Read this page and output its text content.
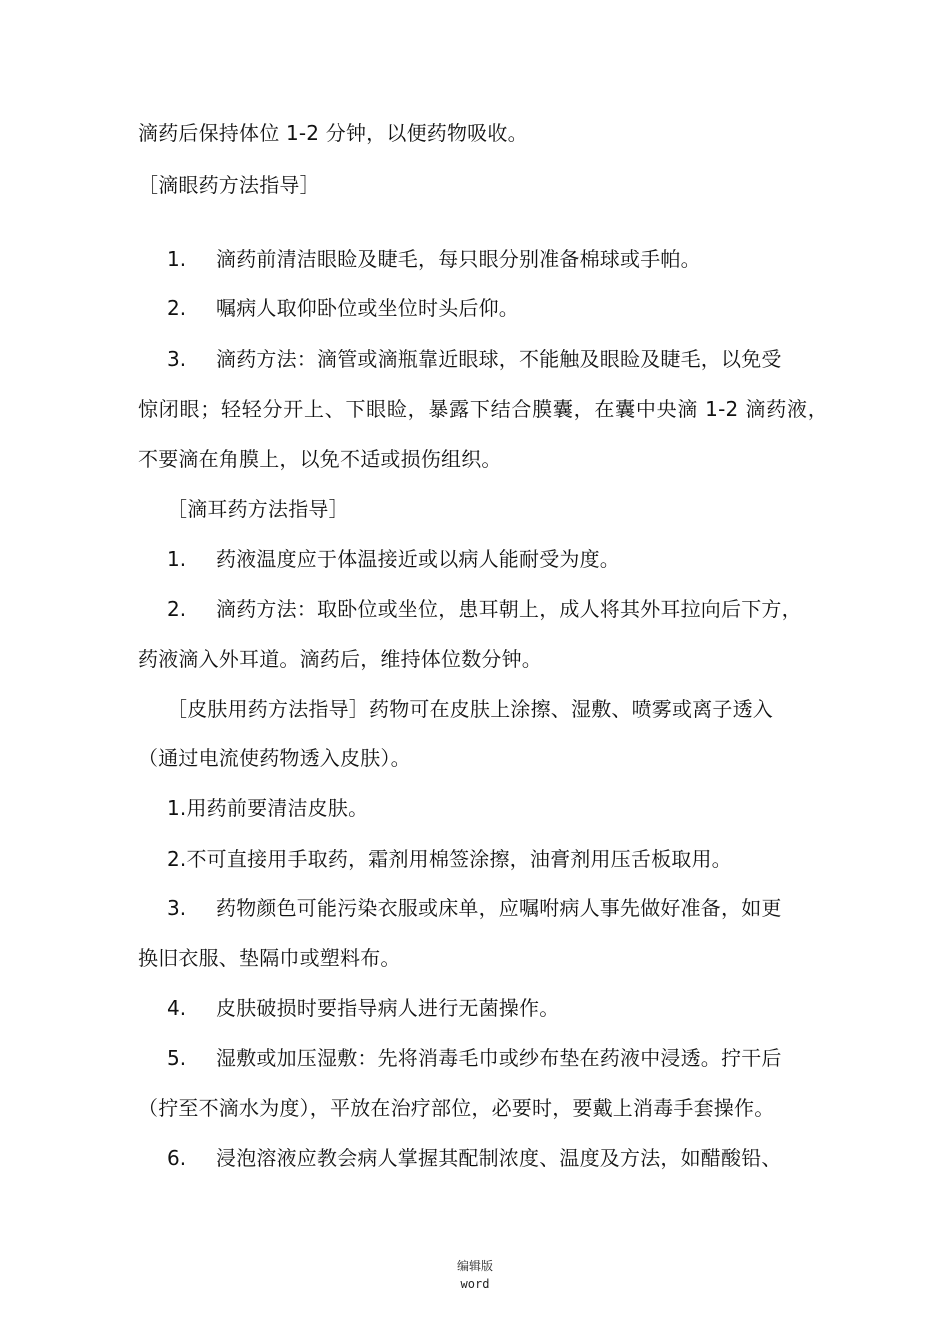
滴药后保持体位 1-2 分钟，以便药物吸收。
［滴眼药方法指导］
1. 滴药前清洁眼睑及睫毛，每只眼分别准备棉球或手帕。
2. 嘱病人取仰卧位或坐位时头后仰。
3. 滴药方法：滴管或滴瓶靠近眼球，不能触及眼睑及睫毛，以免受
惊闭眼；轻轻分开上、下眼睑，暴露下结合膜囊，在囊中央滴 1-2 滴药液，
不要滴在角膜上，以免不适或损伤组织。
［滴耳药方法指导］
1. 药液温度应于体温接近或以病人能耐受为度。
2. 滴药方法：取卧位或坐位，患耳朝上，成人将其外耳拉向后下方，
药液滴入外耳道。滴药后，维持体位数分钟。
［皮肤用药方法指导］药物可在皮肤上涂擦、湿敷、喷雾或离子透入
（通过电流使药物透入皮肤）。
1.用药前要清洁皮肤。
2.不可直接用手取药，霜剂用棉签涂擦，油膏剂用压舌板取用。
3. 药物颜色可能污染衣服或床单，应嘱咐病人事先做好准备，如更
换旧衣服、垫隔巾或塑料布。
4. 皮肤破损时要指导病人进行无菌操作。
5. 湿敷或加压湿敷：先将消毒毛巾或纱布垫在药液中浸透。拧干后
（拧至不滴水为度），平放在治疗部位，必要时，要戴上消毒手套操作。
6. 浸泡溶液应教会病人掌握其配制浓度、温度及方法，如醋酸铅、
编辑版
word
